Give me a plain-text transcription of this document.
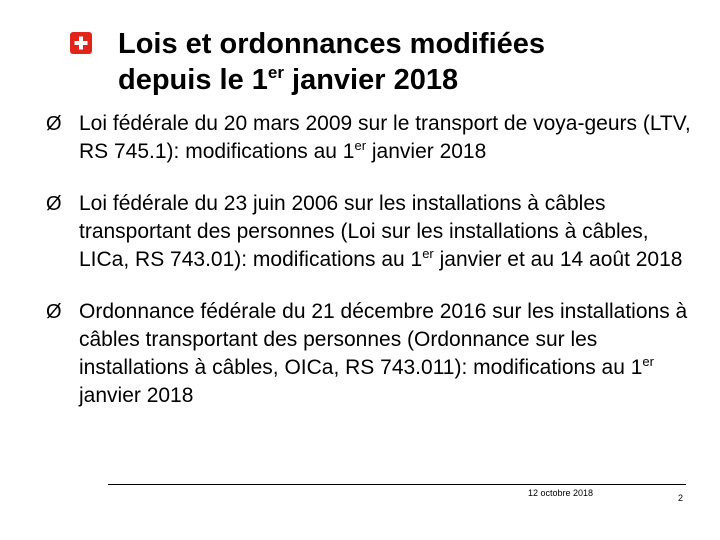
Lois et ordonnances modifiées
depuis le 1er janvier 2018
Ø Loi fédérale du 20 mars 2009 sur le transport de voya-geurs (LTV, RS 745.1): modifications au 1er janvier 2018
Ø Loi fédérale du 23 juin 2006 sur les installations à câbles transportant des personnes (Loi sur les installations à câbles, LICa, RS 743.01): modifications au 1er janvier et au 14 août 2018
Ø Ordonnance fédérale du 21 décembre 2016 sur les installations à câbles transportant des personnes (Ordonnance sur les installations à câbles, OICa, RS 743.011): modifications au 1er janvier 2018
12 octobre 2018	2
